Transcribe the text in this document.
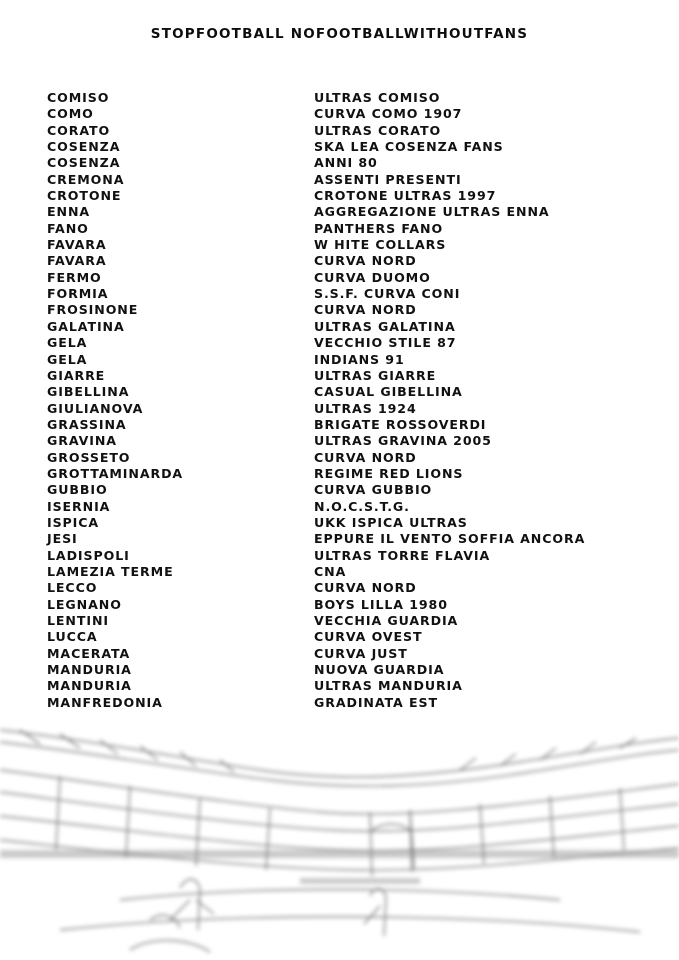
STOPFOOTBALL NOFOOTBALLWITHOUTFANS
COMISO	ULTRAS COMISO
COMO	CURVA COMO 1907
CORATO	ULTRAS CORATO
COSENZA	SKA LEA COSENZA FANS
COSENZA	ANNI 80
CREMONA	ASSENTI PRESENTI
CROTONE	CROTONE ULTRAS 1997
ENNA	AGGREGAZIONE ULTRAS ENNA
FANO	PANTHERS FANO
FAVARA	W HITE COLLARS
FAVARA	CURVA NORD
FERMO	CURVA DUOMO
FORMIA	S.S.F. CURVA CONI
FROSINONE	CURVA NORD
GALATINA	ULTRAS GALATINA
GELA	VECCHIO STILE 87
GELA	INDIANS 91
GIARRE	ULTRAS GIARRE
GIBELLINA	CASUAL GIBELLINA
GIULIANOVA	ULTRAS 1924
GRASSINA	BRIGATE ROSSOVERDI
GRAVINA	ULTRAS GRAVINA 2005
GROSSETO	CURVA NORD
GROTTAMINARDA	REGIME RED LIONS
GUBBIO	CURVA GUBBIO
ISERNIA	N.O.C.S.T.G.
ISPICA	UKK ISPICA ULTRAS
JESI	EPPURE IL VENTO SOFFIA ANCORA
LADISPOLI	ULTRAS TORRE FLAVIA
LAMEZIA TERME	CNA
LECCO	CURVA NORD
LEGNANO	BOYS LILLA 1980
LENTINI	VECCHIA GUARDIA
LUCCA	CURVA OVEST
MACERATA	CURVA JUST
MANDURIA	NUOVA GUARDIA
MANDURIA	ULTRAS MANDURIA
MANFREDONIA	GRADINATA EST
